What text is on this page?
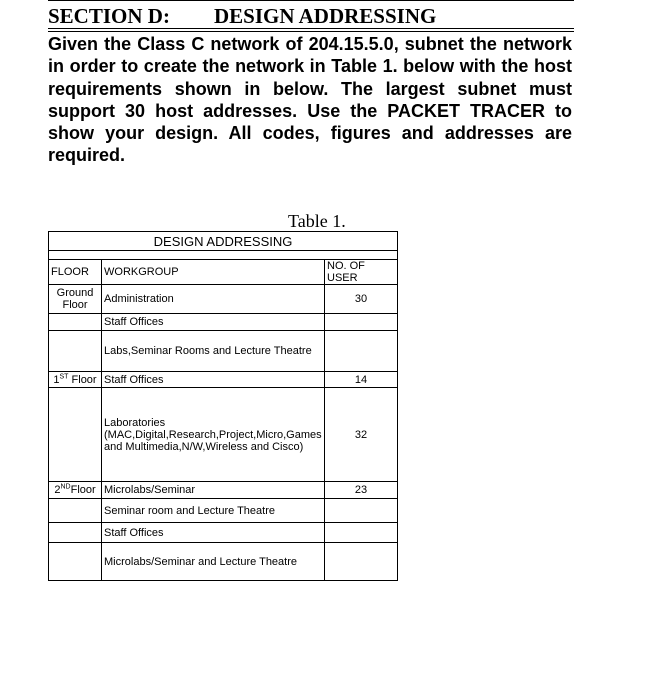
SECTION D: DESIGN ADDRESSING

Given the Class C network of 204.15.5.0, subnet the network in order to create the network in Table 1. below with the host requirements shown in below. The largest subnet must support 30 host addresses. Use the PACKET TRACER to show your design. All codes, figures and addresses are required.

Table 1.
DESIGN ADDRESSING		

FLOOR	WORKGROUP	NO. OF USER
Ground Floor	Administration	30
	Staff Offices	
	Labs,Seminar Rooms and Lecture Theatre	
1ST Floor	Staff Offices	14
	Laboratories (MAC,Digital,Research,Project,Micro,Games and Multimedia,N/W,Wireless and Cisco)	32
2NDFloor	Microlabs/Seminar	23
	Seminar room and Lecture Theatre	
	Staff Offices	
	Microlabs/Seminar and Lecture Theatre	
